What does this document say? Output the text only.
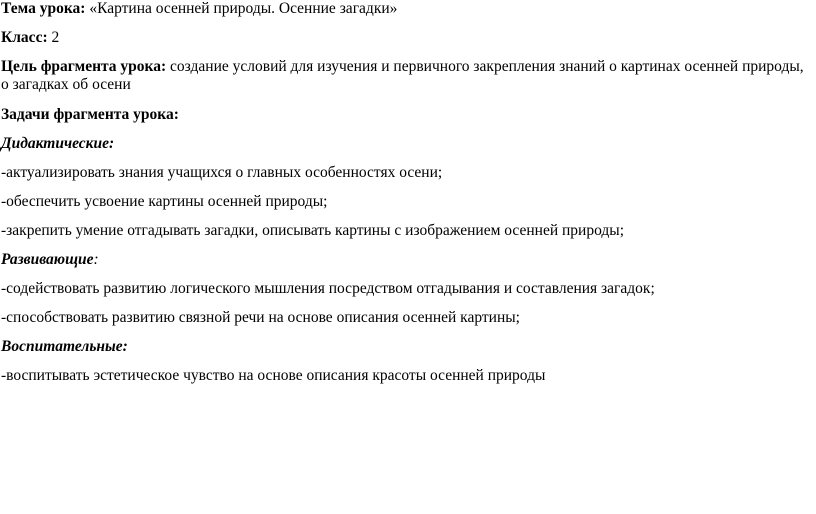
Тема урока: «Картина осенней природы. Осенние загадки»
Класс: 2
Цель фрагмента урока: создание условий для изучения и первичного закрепления знаний о картинах осенней природы, о загадках об осени
Задачи фрагмента урока:
Дидактические:
-актуализировать знания учащихся о главных особенностях осени;
-обеспечить усвоение картины осенней природы;
-закрепить умение отгадывать загадки, описывать картины с изображением осенней природы;
Развивающие:
-содействовать развитию логического мышления посредством отгадывания и составления загадок;
-способствовать развитию связной речи на основе описания осенней картины;
Воспитательные:
-воспитывать эстетическое чувство на основе описания красоты осенней природы
